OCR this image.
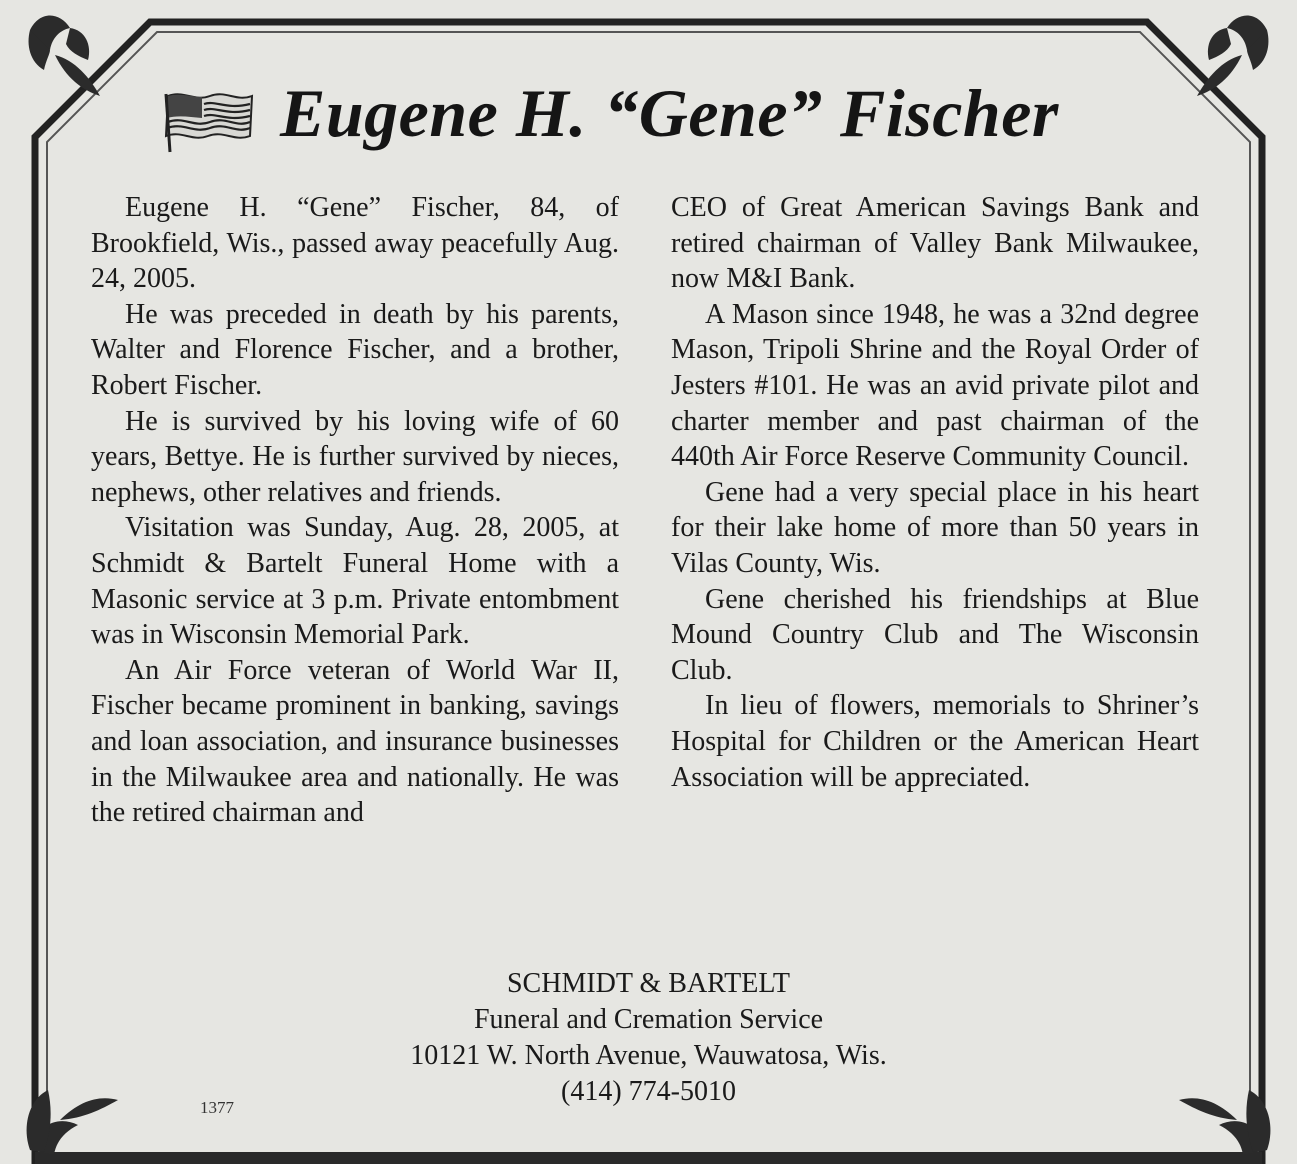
Eugene H. “Gene” Fischer

Eugene H. “Gene” Fischer, 84, of Brookfield, Wis., passed away peacefully Aug. 24, 2005.

He was preceded in death by his parents, Walter and Florence Fischer, and a brother, Robert Fischer.

He is survived by his loving wife of 60 years, Bettye. He is further survived by nieces, nephews, other relatives and friends.

Visitation was Sunday, Aug. 28, 2005, at Schmidt & Bartelt Funeral Home with a Masonic service at 3 p.m. Private entombment was in Wisconsin Memorial Park.

An Air Force veteran of World War II, Fischer became prominent in banking, savings and loan association, and insurance businesses in the Milwaukee area and nationally. He was the retired chairman and

CEO of Great American Savings Bank and retired chairman of Valley Bank Milwaukee, now M&I Bank.

A Mason since 1948, he was a 32nd degree Mason, Tripoli Shrine and the Royal Order of Jesters #101. He was an avid private pilot and charter member and past chairman of the 440th Air Force Reserve Community Council.

Gene had a very special place in his heart for their lake home of more than 50 years in Vilas County, Wis.

Gene cherished his friendships at Blue Mound Country Club and The Wisconsin Club.

In lieu of flowers, memorials to Shriner’s Hospital for Children or the American Heart Association will be appreciated.

SCHMIDT & BARTELT
Funeral and Cremation Service
10121 W. North Avenue, Wauwatosa, Wis.
(414) 774-5010
1377
